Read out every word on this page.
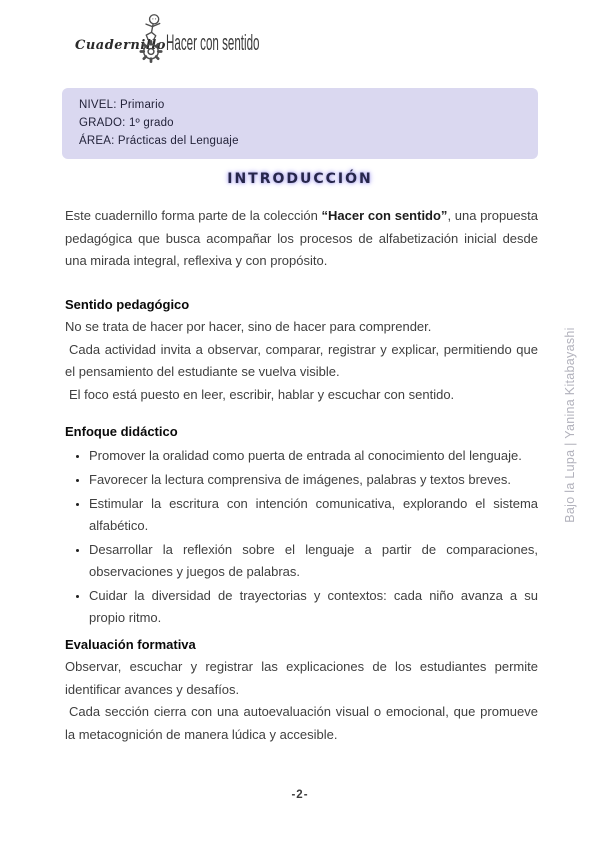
Cuadernillo Hacer con sentido

NIVEL: Primario

GRADO: 1º grado

ÁREA: Prácticas del Lenguaje

INTRODUCCIÓN

Este cuadernillo forma parte de la colección “Hacer con sentido”, una propuesta pedagógica que busca acompañar los procesos de alfabetización inicial desde una mirada integral, reflexiva y con propósito.

Sentido pedagógico

No se trata de hacer por hacer, sino de hacer para comprender.

Cada actividad invita a observar, comparar, registrar y explicar, permitiendo que el pensamiento del estudiante se vuelva visible.

El foco está puesto en leer, escribir, hablar y escuchar con sentido.

Enfoque didáctico
• Promover la oralidad como puerta de entrada al conocimiento del lenguaje.
• Favorecer la lectura comprensiva de imágenes, palabras y textos breves.
• Estimular la escritura con intención comunicativa, explorando el sistema alfabético.
• Desarrollar la reflexión sobre el lenguaje a partir de comparaciones, observaciones y juegos de palabras.
• Cuidar la diversidad de trayectorias y contextos: cada niño avanza a su propio ritmo.
Evaluación formativa

Observar, escuchar y registrar las explicaciones de los estudiantes permite identificar avances y desafíos.

Cada sección cierra con una autoevaluación visual o emocional, que promueve la metacognición de manera lúdica y accesible.

Bajo la Lupa | Yanina Kitabayashi
-2-
